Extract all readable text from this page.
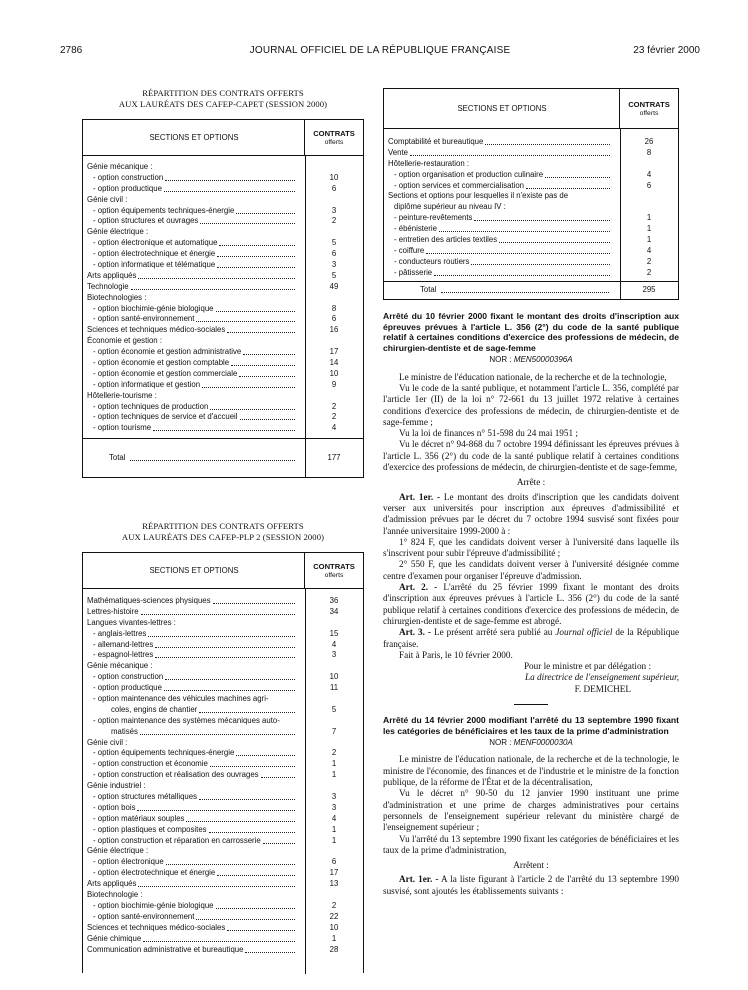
2786	JOURNAL OFFICIEL DE LA RÉPUBLIQUE FRANÇAISE	23 février 2000
RÉPARTITION DES CONTRATS OFFERTS
AUX LAURÉATS DES CAFEP-CAPET (SESSION 2000)
SECTIONS ET OPTIONS	CONTRATS
offerts
Génie mécanique :
- option construction	10
- option productique	6
Génie civil :
- option équipements techniques-énergie	3
- option structures et ouvrages	2
Génie électrique :
- option électronique et automatique	5
- option électrotechnique et énergie	6
- option informatique et télématique	3
Arts appliqués	5
Technologie	49
Biotechnologies :
- option biochimie-génie biologique	8
- option santé-environnement	6
Sciences et techniques médico-sociales	16
Économie et gestion :
- option économie et gestion administrative	17
- option économie et gestion comptable	14
- option économie et gestion commerciale	10
- option informatique et gestion	9
Hôtellerie-tourisme :
- option techniques de production	2
- option techniques de service et d'accueil	2
- option tourisme	4
Total	177
RÉPARTITION DES CONTRATS OFFERTS
AUX LAURÉATS DES CAFEP-PLP 2 (SESSION 2000)
SECTIONS ET OPTIONS	CONTRATS
offerts
Mathématiques-sciences physiques	36
Lettres-histoire	34
Langues vivantes-lettres :
- anglais-lettres	15
- allemand-lettres	4
- espagnol-lettres	3
Génie mécanique :
- option construction	10
- option productique	11
- option maintenance des véhicules machines agri-
coles, engins de chantier	5
- option maintenance des systèmes mécaniques auto-
matisés	7
Génie civil :
- option équipements techniques-énergie	2
- option construction et économie	1
- option construction et réalisation des ouvrages	1
Génie industriel :
- option structures métalliques	3
- option bois	3
- option matériaux souples	4
- option plastiques et composites	1
- option construction et réparation en carrosserie	1
Génie électrique :
- option électronique	6
- option électrotechnique et énergie	17
Arts appliqués	13
Biotechnologie :
- option biochimie-génie biologique	2
- option santé-environnement	22
Sciences et techniques médico-sociales	10
Génie chimique	1
Communication administrative et bureautique	28
SECTIONS ET OPTIONS	CONTRATS
offerts
Comptabilité et bureautique	26
Vente	8
Hôtellerie-restauration :
- option organisation et production culinaire	4
- option services et commercialisation	6
Sections et options pour lesquelles il n'existe pas de
diplôme supérieur au niveau IV :
- peinture-revêtements	1
- ébénisterie	1
- entretien des articles textiles	1
- coiffure	4
- conducteurs routiers	2
- pâtisserie	2
Total	295

Arrêté du 10 février 2000 fixant le montant des droits d'inscription aux épreuves prévues à l'article L. 356 (2°) du code de la santé publique relatif à certaines conditions d'exercice des professions de médecin, de chirurgien-dentiste et de sage-femme

NOR : MEN50000396A

Le ministre de l'éducation nationale, de la recherche et de la technologie,

Vu le code de la santé publique, et notamment l'article L. 356, complété par l'article 1er (II) de la loi n° 72-661 du 13 juillet 1972 relative à certaines conditions d'exercice des professions de médecin, de chirurgien-dentiste et de sage-femme ;

Vu la loi de finances n° 51-598 du 24 mai 1951 ;

Vu le décret n° 94-868 du 7 octobre 1994 définissant les épreuves prévues à l'article L. 356 (2°) du code de la santé publique relatif à certaines conditions d'exercice des professions de médecin, de chirurgien-dentiste et de sage-femme,

Arrête :

Art. 1er. - Le montant des droits d'inscription que les candidats doivent verser aux universités pour inscription aux épreuves d'admissibilité et d'admission prévues par le décret du 7 octobre 1994 susvisé sont fixées pour l'année universitaire 1999-2000 à :

1° 824 F, que les candidats doivent verser à l'université dans laquelle ils s'inscrivent pour subir l'épreuve d'admissibilité ;

2° 550 F, que les candidats doivent verser à l'université désignée comme centre d'examen pour organiser l'épreuve d'admission.

Art. 2. - L'arrêté du 25 février 1999 fixant le montant des droits d'inscription aux épreuves prévues à l'article L. 356 (2°) du code de la santé publique relatif à certaines conditions d'exercice des professions de médecin, de chirurgien-dentiste et de sage-femme est abrogé.

Art. 3. - Le présent arrêté sera publié au Journal officiel de la République française.

Fait à Paris, le 10 février 2000.

Pour le ministre et par délégation :

La directrice de l'enseignement supérieur,

F. DEMICHEL

Arrêté du 14 février 2000 modifiant l'arrêté du 13 septembre 1990 fixant les catégories de bénéficiaires et les taux de la prime d'administration

NOR : MENF0000030A

Le ministre de l'éducation nationale, de la recherche et de la technologie, le ministre de l'économie, des finances et de l'industrie et le ministre de la fonction publique, de la réforme de l'État et de la décentralisation,

Vu le décret n° 90-50 du 12 janvier 1990 instituant une prime d'administration et une prime de charges administratives pour certains personnels de l'enseignement supérieur relevant du ministère chargé de l'enseignement supérieur ;

Vu l'arrêté du 13 septembre 1990 fixant les catégories de bénéficiaires et les taux de la prime d'administration,

Arrêtent :

Art. 1er. - A la liste figurant à l'article 2 de l'arrêté du 13 septembre 1990 susvisé, sont ajoutés les établissements suivants :
